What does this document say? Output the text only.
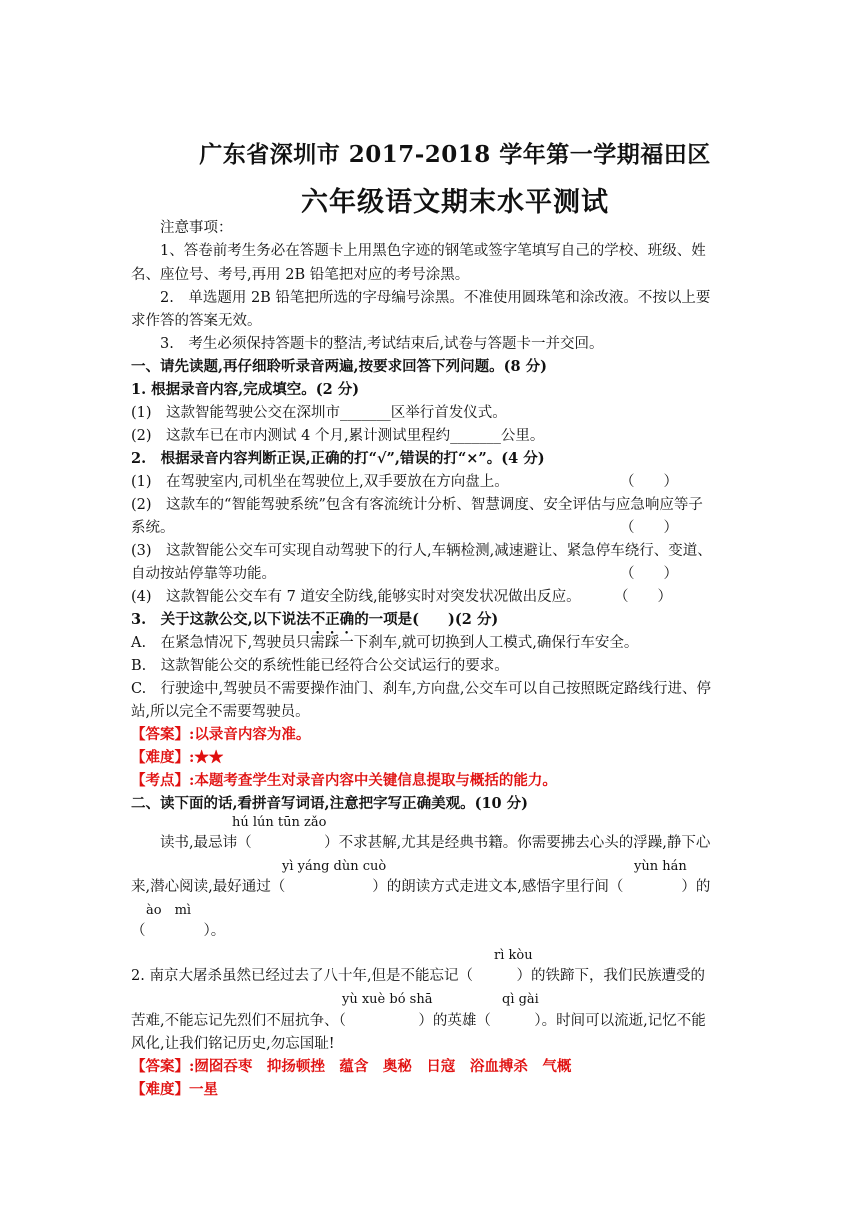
广东省深圳市 2017-2018 学年第一学期福田区
六年级语文期末水平测试
注意事项：
1、答卷前考生务必在答题卡上用黑色字迹的钢笔或签字笔填写自己的学校、班级、姓
名、座位号、考号,再用 2B 铅笔把对应的考号涂黑。
2.　单选题用 2B 铅笔把所选的字母编号涂黑。不准使用圆珠笔和涂改液。不按以上要
求作答的答案无效。
3.　考生必须保持答题卡的整洁,考试结束后,试卷与答题卡一并交回。
一、请先读题,再仔细聆听录音两遍,按要求回答下列问题。(8 分)
1. 根据录音内容,完成填空。(2 分)
(1)　这款智能驾驶公交在深圳市_______区举行首发仪式。
(2)　这款车已在市内测试 4 个月,累计测试里程约_______公里。
2.　根据录音内容判断正误,正确的打“√”,错误的打“×”。(4 分)
(1)　在驾驶室内,司机坐在驾驶位上,双手要放在方向盘上。	（　　）
(2)　这款车的“智能驾驶系统”包含有客流统计分析、智慧调度、安全评估与应急响应等子
系统。	（　　）
(3)　这款智能公交车可实现自动驾驶下的行人,车辆检测,减速避让、紧急停车绕行、变道、
自动按站停靠等功能。	（　　）
(4)　这款智能公交车有 7 道安全防线,能够实时对突发状况做出反应。 （　　）
3.　关于这款公交,以下说法不正确的一项是(　　)(2 分)
A.　在紧急情况下,驾驶员只需踩一下刹车,就可切换到人工模式,确保行车安全。
B.　这款智能公交的系统性能已经符合公交试运行的要求。
C.　行驶途中,驾驶员不需要操作油门、刹车,方向盘,公交车可以自己按照既定路线行进、停
站,所以完全不需要驾驶员。
【答案】:以录音内容为准。
【难度】:★★
【考点】:本题考查学生对录音内容中关键信息提取与概括的能力。
二、读下面的话,看拼音写词语,注意把字写正确美观。(10 分)
hú lún tūn zǎo
读书,最忌讳（　　　　　）不求甚解,尤其是经典书籍。你需要拂去心头的浮躁,静下心
yì yáng dùn cuò	yùn hán
来,潜心阅读,最好通过（　　　　　　）的朗读方式走进文本,感悟字里行间（　　　　）的
ào　mì
（　　　　）。
rì kòu
2. 南京大屠杀虽然已经过去了八十年,但是不能忘记（　　　）的铁蹄下，我们民族遭受的
yù xuè bó shā	qì gài
苦难,不能忘记先烈们不屈抗争、（　　　　　）的英雄（　　　）。时间可以流逝,记忆不能
风化,让我们铭记历史,勿忘国耻!
【答案】:囫囵吞枣　抑扬顿挫　蕴含　奥秘　日寇　浴血搏杀　气概
【难度】一星
